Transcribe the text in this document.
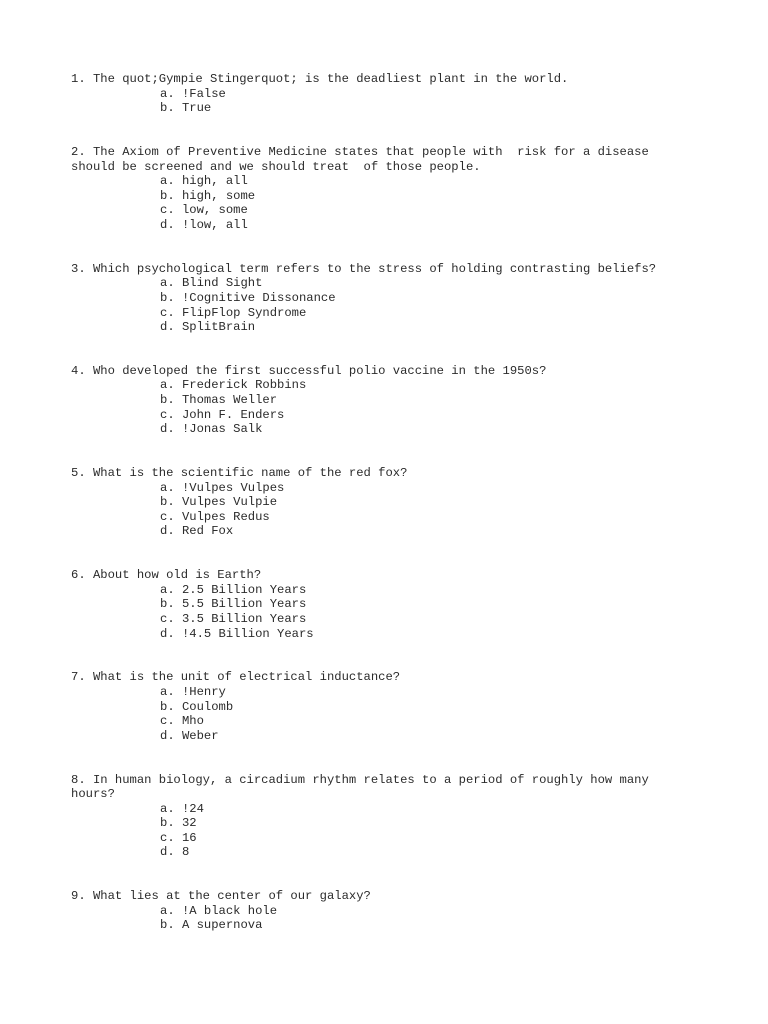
1. The quot;Gympie Stingerquot; is the deadliest plant in the world.

a. !False
b. True

2. The Axiom of Preventive Medicine states that people with  risk for a disease should be screened and we should treat  of those people.

a. high, all
b. high, some
c. low, some
d. !low, all

3. Which psychological term refers to the stress of holding contrasting beliefs?

a. Blind Sight
b. !Cognitive Dissonance
c. FlipFlop Syndrome
d. SplitBrain

4. Who developed the first successful polio vaccine in the 1950s?

a. Frederick Robbins
b. Thomas Weller
c. John F. Enders
d. !Jonas Salk

5. What is the scientific name of the red fox?

a. !Vulpes Vulpes
b. Vulpes Vulpie
c. Vulpes Redus
d. Red Fox

6. About how old is Earth?

a. 2.5 Billion Years
b. 5.5 Billion Years
c. 3.5 Billion Years
d. !4.5 Billion Years

7. What is the unit of electrical inductance?

a. !Henry
b. Coulomb
c. Mho
d. Weber

8. In human biology, a circadium rhythm relates to a period of roughly how many hours?

a. !24
b. 32
c. 16
d. 8

9. What lies at the center of our galaxy?

a. !A black hole
b. A supernova
